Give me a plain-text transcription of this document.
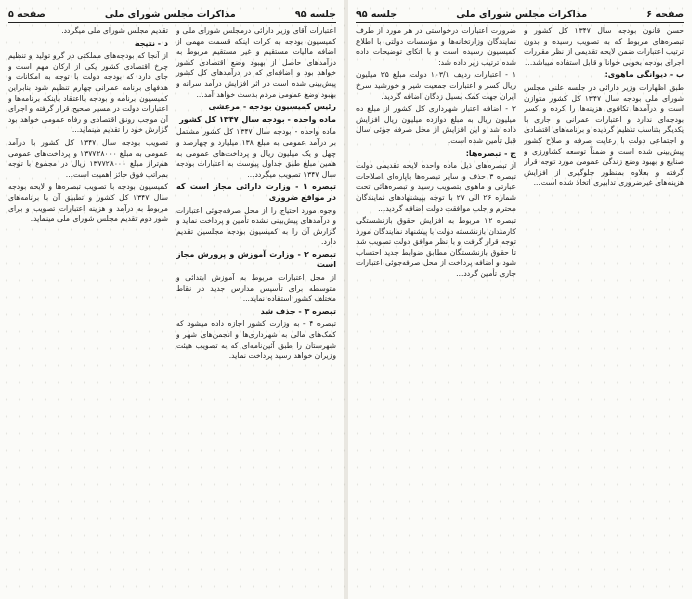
صفحه ۶
مذاکرات مجلس شورای ملی
جلسه ۹۵

حسن قانون بودجه سال ۱۳۴۷ کل کشور و تبصره‌های مربوط که به تصویب رسیده و بدون ترتیب اعتبارات ضمن لایحه تقدیمی از نظر مقررات اجرای بودجه بخوبی خوانا و قابل استفاده میباشد...

ب - دیوانگی ماهوی:

طبق اظهارات وزیر دارائی در جلسه علنی مجلس شورای ملی بودجه سال ۱۳۴۷ کل کشور متوازن است و درآمدها تکافوی هزینه‌ها را کرده و کسر بودجه‌ای ندارد و اعتبارات عمرانی و جاری با یکدیگر بتناسب تنظیم گردیده و برنامه‌های اقتصادی و اجتماعی دولت با رعایت صرفه و صلاح کشور پیش‌بینی شده است و ضمناً توسعه کشاورزی و صنایع و بهبود وضع زندگی عمومی مورد توجه قرار گرفته و بعلاوه بمنظور جلوگیری از افزایش هزینه‌های غیرضروری تدابیری اتخاذ شده است...

ضرورت اعتبارات درخواستی در هر مورد از طرف نمایندگان وزارتخانه‌ها و مؤسسات دولتی با اطلاع کمیسیون رسیده است و با اتکای توضیحات داده شده ترتیب زیر داده شد:

۱ - اعتبارات ردیف ۱۰۳/۱ دولت مبلغ ۲۵ میلیون ریال کسر و اعتبارات جمعیت شیر و خورشید سرخ ایران جهت کمک بسیل زدگان اضافه گردید.

۲ - اضافه اعتبار شهرداری کل کشور از مبلغ ده میلیون ریال به مبلغ دوازده میلیون ریال افزایش داده شد و این افزایش از محل صرفه جوئی سال قبل تأمین شده است.

ج - تبصره‌ها:

از تبصره‌های ذیل ماده واحده لایحه تقدیمی دولت تبصره ۳ حذف و سایر تبصره‌ها باپاره‌ای اصلاحات عبارتی و ماهوی بتصویب رسید و تبصره‌هائی تحت شماره ۲۶ الی ۲۷ با توجه بپیشنهادهای نمایندگان محترم و جلب موافقت دولت اضافه گردید...

تبصره ۱۲ مربوط به افزایش حقوق بازنشستگی کارمندان بازنشسته دولت با پیشنهاد نمایندگان مورد توجه قرار گرفت و با نظر موافق دولت تصویب شد تا حقوق بازنشستگان مطابق ضوابط جدید احتساب شود و اضافه پرداخت از محل صرفه‌جوئی اعتبارات جاری تأمین گردد...

جلسه ۹۵
مذاکرات مجلس شورای ملی
صفحه ۵

اعتبارات آقای وزیر دارائی درمجلس شورای ملی و کمیسیون بودجه به کرات اینکه قسمت مهمی از اضافه مالیات مستقیم و غیر مستقیم مربوط به درآمدهای حاصل از بهبود وضع اقتصادی کشور خواهد بود و اضافه‌ای که در درآمدهای کل کشور پیش‌بینی شده است در اثر افزایش درآمد سرانه و بهبود وضع عمومی مردم بدست خواهد آمد...

رئیس کمیسیون بودجه - مرعشی
ماده واحده - بودجه سال ۱۳۴۷ کل کشور

ماده واحده - بودجه سال ۱۳۴۷ کل کشور مشتمل بر درآمد عمومی به مبلغ ۱۳۸ میلیارد و چهارصد و چهل و یک میلیون ریال و پرداخت‌های عمومی به همین مبلغ طبق جداول پیوست به اعتبارات بودجه سال ۱۳۴۷ تصویب میگردد...

تبصره ۱ - وزارت دارائی مجاز است که در مواقع ضروری

وجوه مورد احتیاج را از محل صرفه‌جوئی اعتبارات و درآمدهای پیش‌بینی نشده تأمین و پرداخت نماید و گزارش آن را به کمیسیون بودجه مجلسین تقدیم دارد.

تبصره ۲ - وزارت آموزش و پرورش مجاز است

از محل اعتبارات مربوط به آموزش ابتدائی و متوسطه برای تأسیس مدارس جدید در نقاط مختلف کشور استفاده نماید...

تبصره ۳ - حذف شد

تبصره ۴ - به وزارت کشور اجازه داده میشود که کمک‌های مالی به شهرداری‌ها و انجمن‌های شهر و شهرستان را طبق آئین‌نامه‌ای که به تصویب هیئت وزیران خواهد رسید پرداخت نماید.

تقدیم مجلس شورای ملی میگردد.

د - نتیجه

از آنجا که بودجه‌های مملکتی در گرو تولید و تنظیم چرخ اقتصادی کشور یکی از ارکان مهم است و جای دارد که بودجه دولت با توجه به امکانات و هدفهای برنامه عمرانی چهارم تنظیم شود بنابراین کمیسیون برنامه و بودجه بااعتقاد باینکه برنامه‌ها و اعتبارات دولت در مسیر صحیح قرار گرفته و اجرای آن موجب رونق اقتصادی و رفاه عمومی خواهد بود گزارش خود را تقدیم مینماید...

تصویب بودجه سال ۱۳۴۷ کل کشور با درآمد عمومی به مبلغ ۱۳۷۷۲۸۰۰۰ و پرداخت‌های عمومی هم‌تراز مبلغ ۱۳۷۷۲۸۰۰۰ ریال در مجموع با توجه بمراتب فوق حائز اهمیت است...

کمیسیون بودجه با تصویب تبصره‌ها و لایحه بودجه سال ۱۳۴۷ کل کشور و تطبیق آن با برنامه‌های مربوط به درآمد و هزینه اعتبارات تصویب و برای شور دوم تقدیم مجلس شورای ملی مینماید.
